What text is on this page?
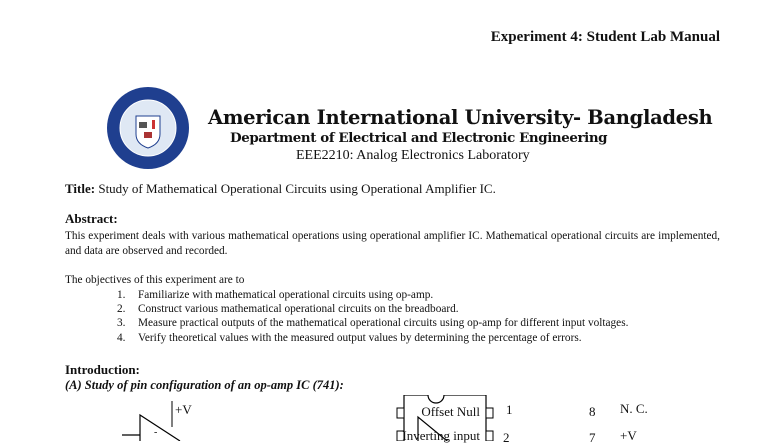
Experiment 4: Student Lab Manual
American International University- Bangladesh
Department of Electrical and Electronic Engineering
EEE2210: Analog Electronics Laboratory
Title: Study of Mathematical Operational Circuits using Operational Amplifier IC.
Abstract:
This experiment deals with various mathematical operations using operational amplifier IC. Mathematical operational circuits are implemented, and data are observed and recorded.
The objectives of this experiment are to
1. Familiarize with mathematical operational circuits using op-amp.
2. Construct various mathematical operational circuits on the breadboard.
3. Measure practical outputs of the mathematical operational circuits using op-amp for different input voltages.
4. Verify theoretical values with the measured output values by determining the percentage of errors.
Introduction:
(A) Study of pin configuration of an op-amp IC (741):
+V
-
Offset Null 1	8 N. C.
Inverting input 2	7 +V
